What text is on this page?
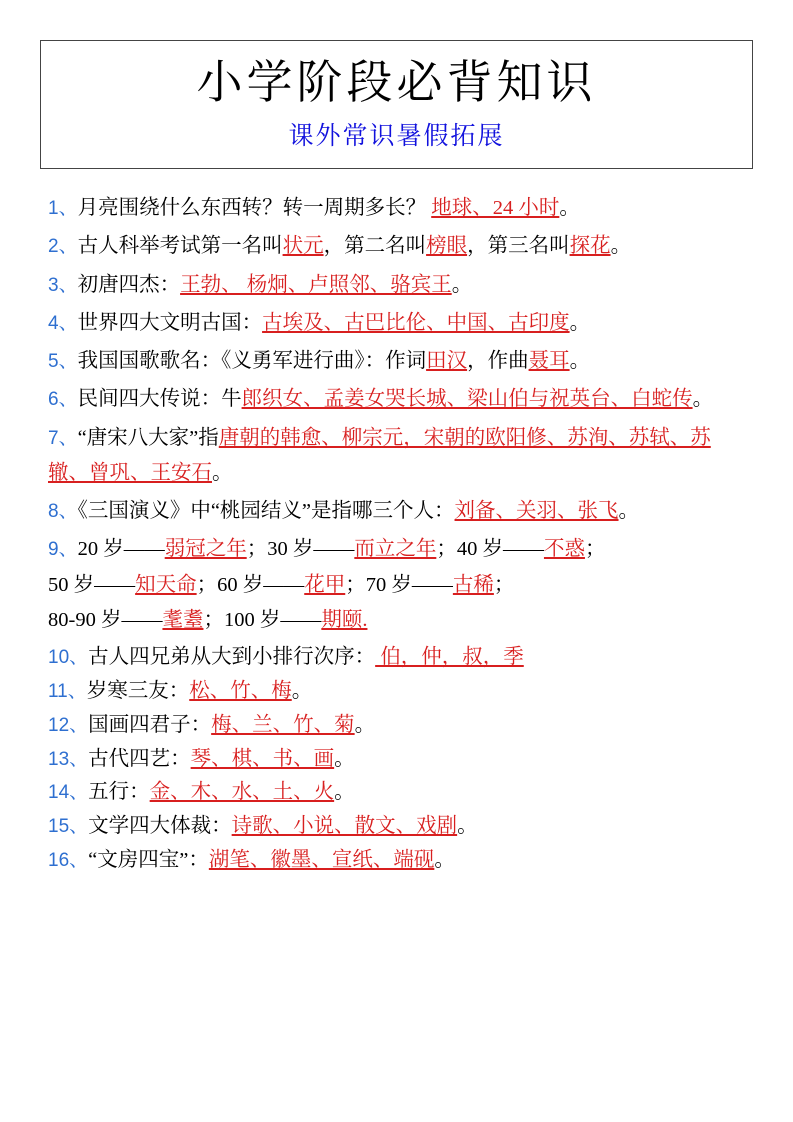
小学阶段必背知识
课外常识暑假拓展
1、月亮围绕什么东西转？转一周期多长？ 地球、24 小时。
2、古人科举考试第一名叫状元，第二名叫榜眼，第三名叫探花。
3、初唐四杰：王勃、 杨炯、卢照邻、骆宾王。
4、世界四大文明古国：古埃及、古巴比伦、中国、古印度。
5、我国国歌歌名：《义勇军进行曲》：作词田汉，作曲聂耳。
6、民间四大传说：牛郎织女、孟姜女哭长城、梁山伯与祝英台、白蛇传。
7、“唐宋八大家”指唐朝的韩愈、柳宗元，宋朝的欧阳修、苏洵、苏轼、苏辙、曾巩、王安石。
8、《三国演义》中“桃园结义”是指哪三个人：刘备、关羽、张飞。
9、20 岁——弱冠之年；30 岁——而立之年；40 岁——不惑；
50 岁——知天命；60 岁——花甲；70 岁——古稀；
80-90 岁——耄耋；100 岁——期颐.
10、古人四兄弟从大到小排行次序： 伯，仲，叔，季
11、岁寒三友：松、竹、梅。
12、国画四君子：梅、兰、竹、菊。
13、古代四艺：琴、棋、书、画。
14、五行：金、木、水、土、火。
15、文学四大体裁：诗歌、小说、散文、戏剧。
16、“文房四宝”：湖笔、徽墨、宣纸、端砚。
